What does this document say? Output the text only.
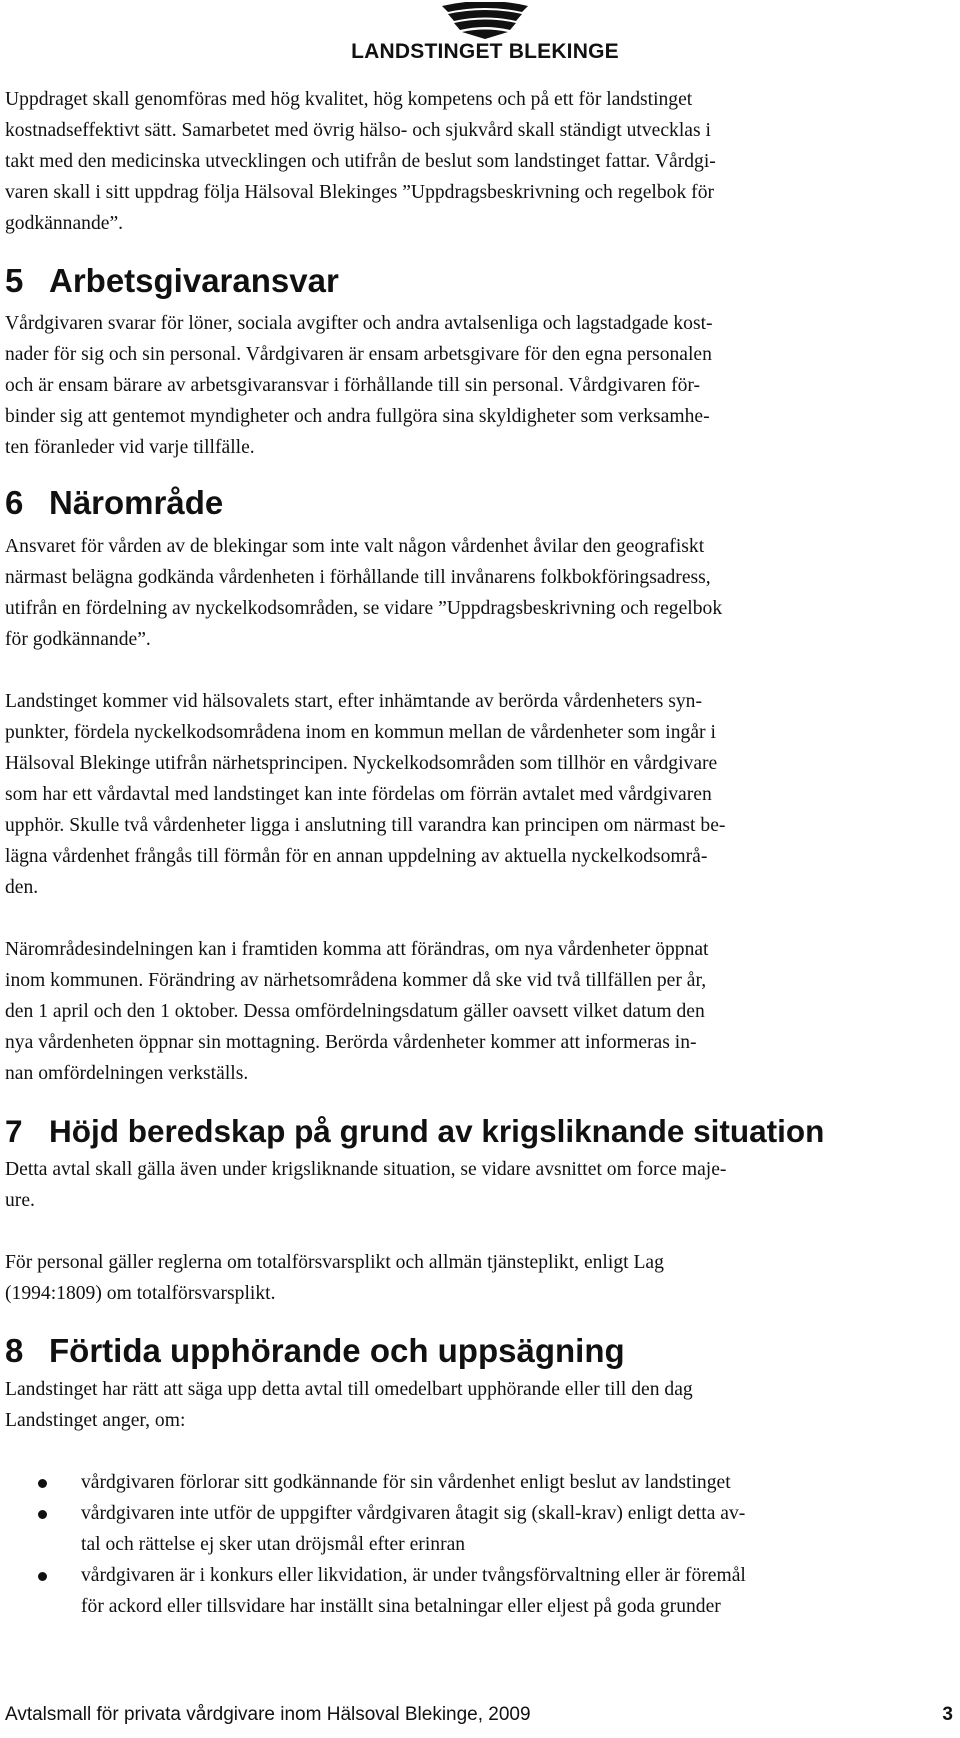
LANDSTINGET BLEKINGE

Uppdraget skall genomföras med hög kvalitet, hög kompetens och på ett för landstinget
kostnadseffektivt sätt. Samarbetet med övrig hälso- och sjukvård skall ständigt utvecklas i
takt med den medicinska utvecklingen och utifrån de beslut som landstinget fattar. Vårdgi-
varen skall i sitt uppdrag följa Hälsoval Blekinges ”Uppdragsbeskrivning och regelbok för
godkännande”.

5 Arbetsgivaransvar

Vårdgivaren svarar för löner, sociala avgifter och andra avtalsenliga och lagstadgade kost-
nader för sig och sin personal. Vårdgivaren är ensam arbetsgivare för den egna personalen
och är ensam bärare av arbetsgivaransvar i förhållande till sin personal. Vårdgivaren för-
binder sig att gentemot myndigheter och andra fullgöra sina skyldigheter som verksamhe-
ten föranleder vid varje tillfälle.

6 Närområde

Ansvaret för vården av de blekingar som inte valt någon vårdenhet åvilar den geografiskt
närmast belägna godkända vårdenheten i förhållande till invånarens folkbokföringsadress,
utifrån en fördelning av nyckelkodsområden, se vidare ”Uppdragsbeskrivning och regelbok
för godkännande”.

Landstinget kommer vid hälsovalets start, efter inhämtande av berörda vårdenheters syn-
punkter, fördela nyckelkodsområdena inom en kommun mellan de vårdenheter som ingår i
Hälsoval Blekinge utifrån närhetsprincipen. Nyckelkodsområden som tillhör en vårdgivare
som har ett vårdavtal med landstinget kan inte fördelas om förrän avtalet med vårdgivaren
upphör. Skulle två vårdenheter ligga i anslutning till varandra kan principen om närmast be-
lägna vårdenhet frångås till förmån för en annan uppdelning av aktuella nyckelkodsområ-
den.

Närområdesindelningen kan i framtiden komma att förändras, om nya vårdenheter öppnat
inom kommunen. Förändring av närhetsområdena kommer då ske vid två tillfällen per år,
den 1 april och den 1 oktober. Dessa omfördelningsdatum gäller oavsett vilket datum den
nya vårdenheten öppnar sin mottagning. Berörda vårdenheter kommer att informeras in-
nan omfördelningen verkställs.

7 Höjd beredskap på grund av krigsliknande situation

Detta avtal skall gälla även under krigsliknande situation, se vidare avsnittet om force maje-
ure.

För personal gäller reglerna om totalförsvarsplikt och allmän tjänsteplikt, enligt Lag
(1994:1809) om totalförsvarsplikt.

8 Förtida upphörande och uppsägning

Landstinget har rätt att säga upp detta avtal till omedelbart upphörande eller till den dag
Landstinget anger, om:

vårdgivaren förlorar sitt godkännande för sin vårdenhet enligt beslut av landstinget
vårdgivaren inte utför de uppgifter vårdgivaren åtagit sig (skall-krav) enligt detta av-
tal och rättelse ej sker utan dröjsmål efter erinran
vårdgivaren är i konkurs eller likvidation, är under tvångsförvaltning eller är föremål
för ackord eller tillsvidare har inställt sina betalningar eller eljest på goda grunder
Avtalsmall för privata vårdgivare inom Hälsoval Blekinge, 2009	3
